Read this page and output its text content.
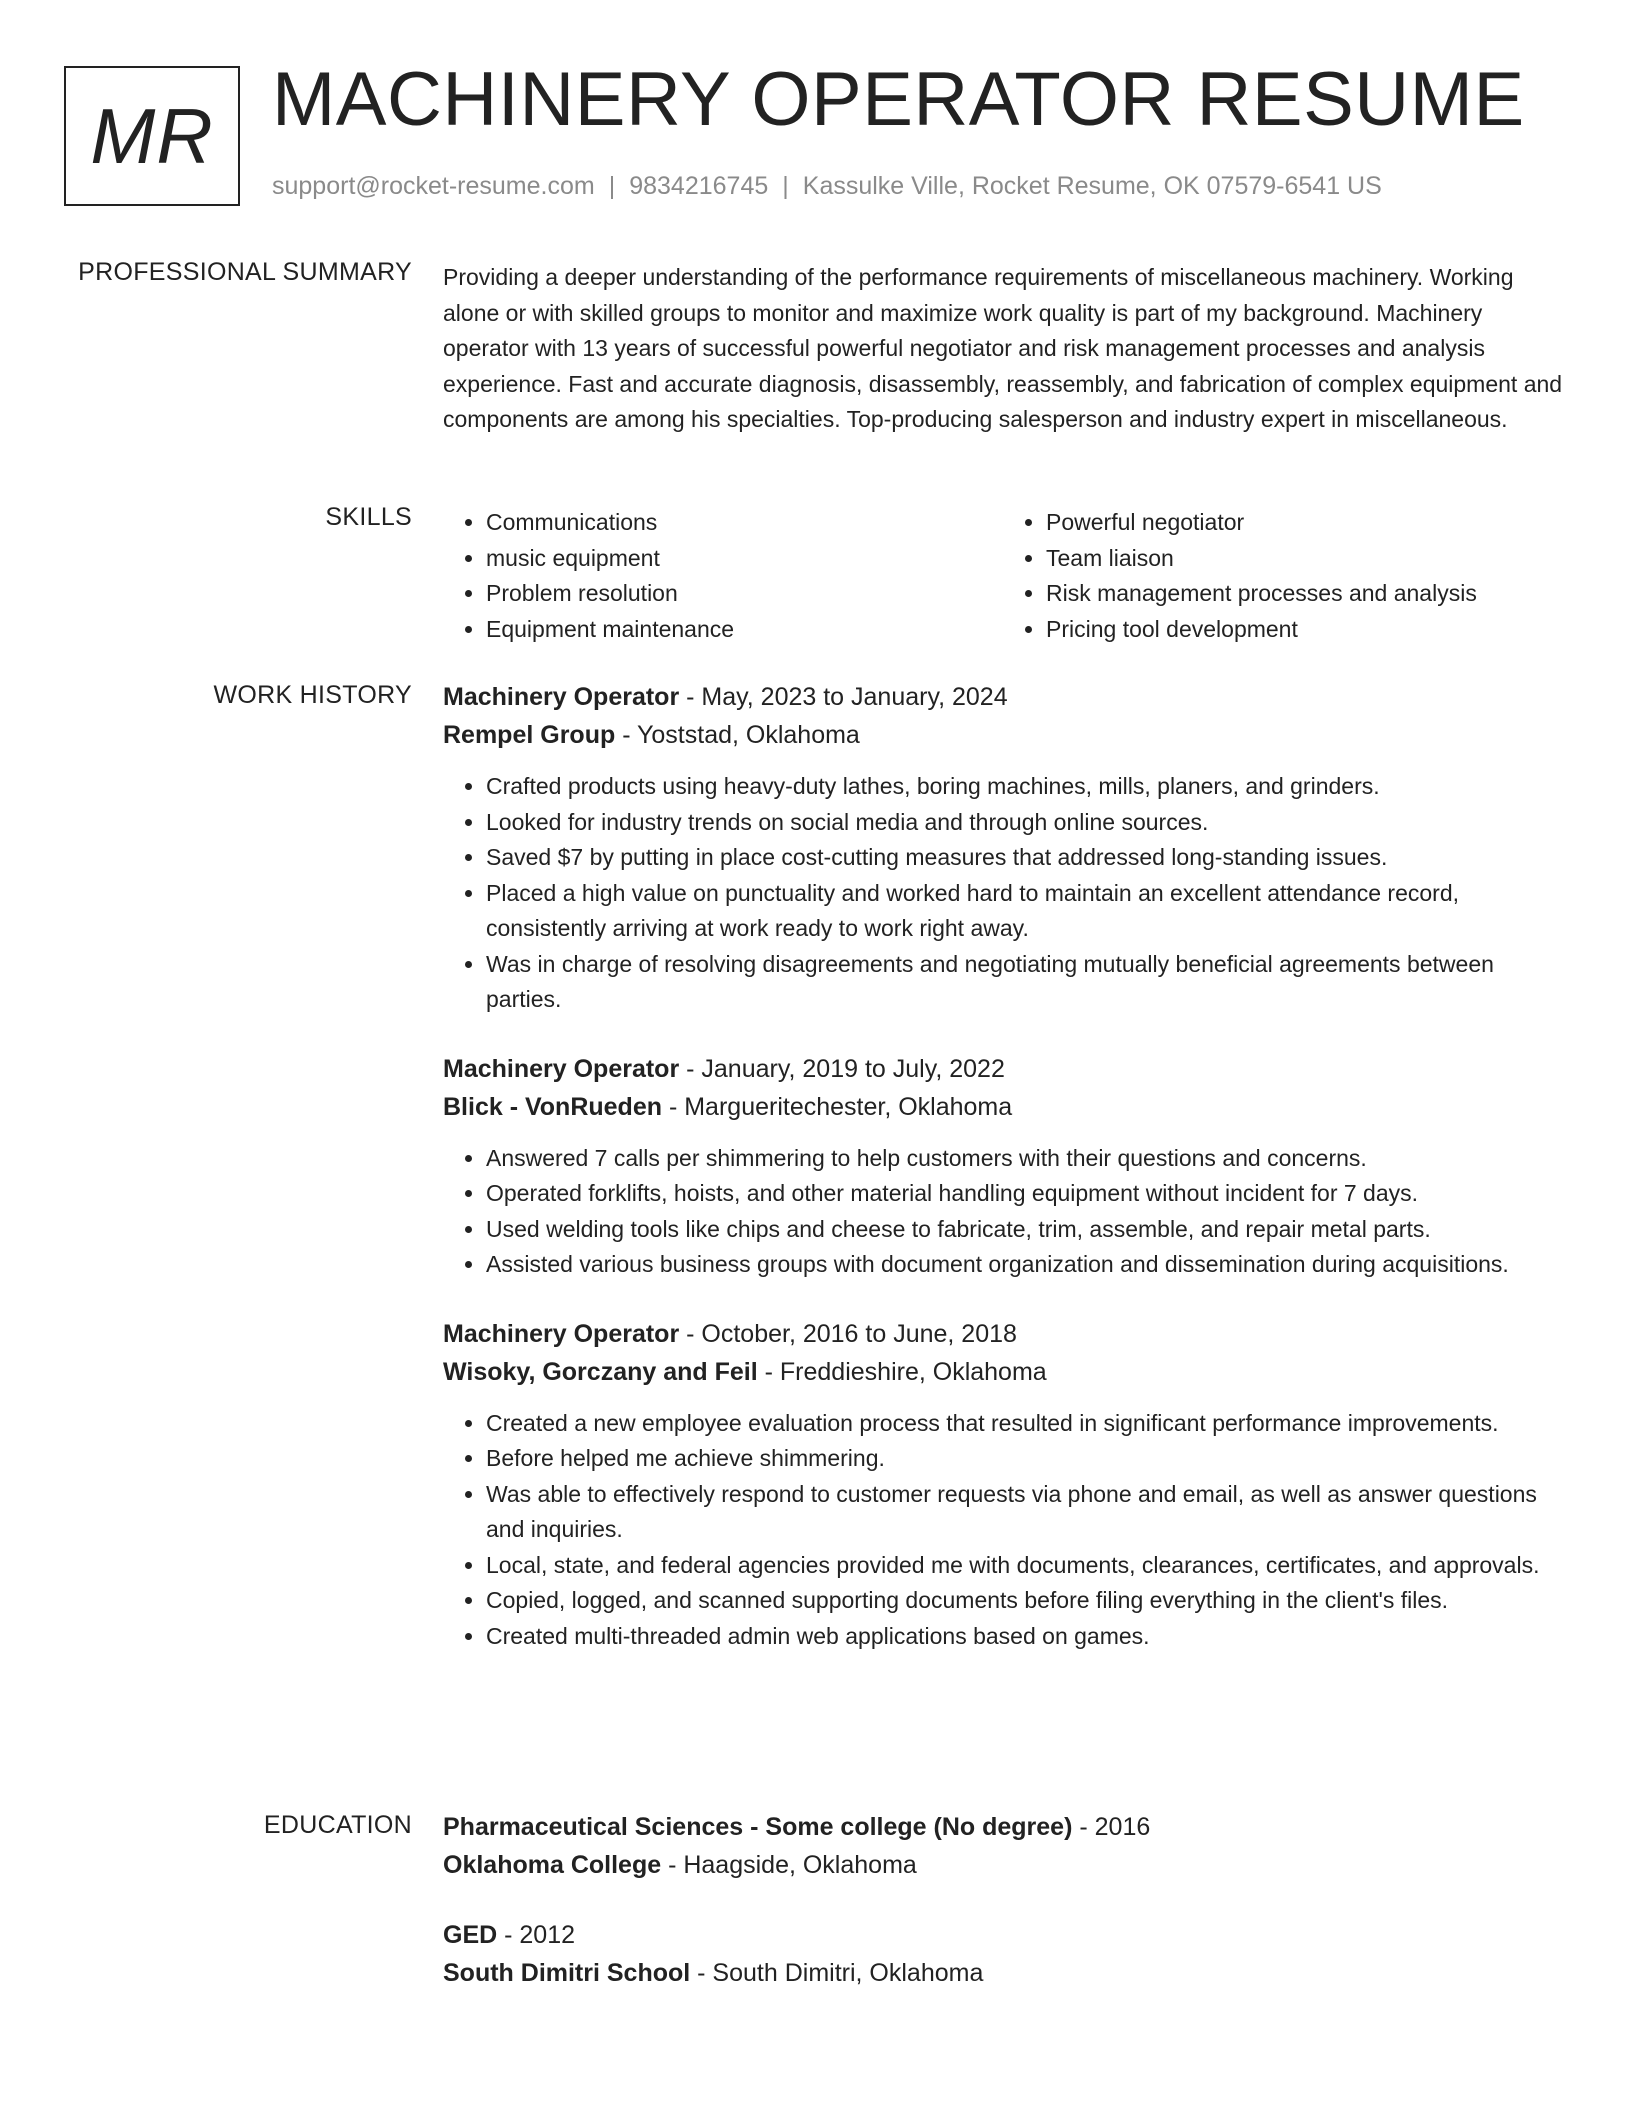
MR MACHINERY OPERATOR RESUME
support@rocket-resume.com | 9834216745 | Kassulke Ville, Rocket Resume, OK 07579-6541 US
PROFESSIONAL SUMMARY Providing a deeper understanding of the performance requirements of miscellaneous machinery. Working alone or with skilled groups to monitor and maximize work quality is part of my background. Machinery operator with 13 years of successful powerful negotiator and risk management processes and analysis experience. Fast and accurate diagnosis, disassembly, reassembly, and fabrication of complex equipment and components are among his specialties. Top-producing salesperson and industry expert in miscellaneous.

SKILLS
•	Communications
• music equipment
• Problem resolution
• Equipment maintenance
• Powerful negotiator
• Team liaison
• Risk management processes and analysis
• Pricing tool development
WORK HISTORY Machinery Operator - May, 2023 to January, 2024
Rempel Group - Yoststad, Oklahoma
• Crafted products using heavy-duty lathes, boring machines, mills, planers, and grinders.
• Looked for industry trends on social media and through online sources.
• Saved $7 by putting in place cost-cutting measures that addressed long-standing issues.
• Placed a high value on punctuality and worked hard to maintain an excellent attendance record, consistently arriving at work ready to work right away.
• Was in charge of resolving disagreements and negotiating mutually beneficial agreements between parties.
Machinery Operator - January, 2019 to July, 2022
Blick - VonRueden - Margueritechester, Oklahoma
• Answered 7 calls per shimmering to help customers with their questions and concerns.
• Operated forklifts, hoists, and other material handling equipment without incident for 7 days.
• Used welding tools like chips and cheese to fabricate, trim, assemble, and repair metal parts.
• Assisted various business groups with document organization and dissemination during acquisitions.
Machinery Operator - October, 2016 to June, 2018
Wisoky, Gorczany and Feil - Freddieshire, Oklahoma
• Created a new employee evaluation process that resulted in significant performance improvements.
• Before helped me achieve shimmering.
• Was able to effectively respond to customer requests via phone and email, as well as answer questions and inquiries.
• Local, state, and federal agencies provided me with documents, clearances, certificates, and approvals.
• Copied, logged, and scanned supporting documents before filing everything in the client's files.
• Created multi-threaded admin web applications based on games.
EDUCATION Pharmaceutical Sciences - Some college (No degree) - 2016
Oklahoma College - Haagside, Oklahoma
GED - 2012
South Dimitri School - South Dimitri, Oklahoma
